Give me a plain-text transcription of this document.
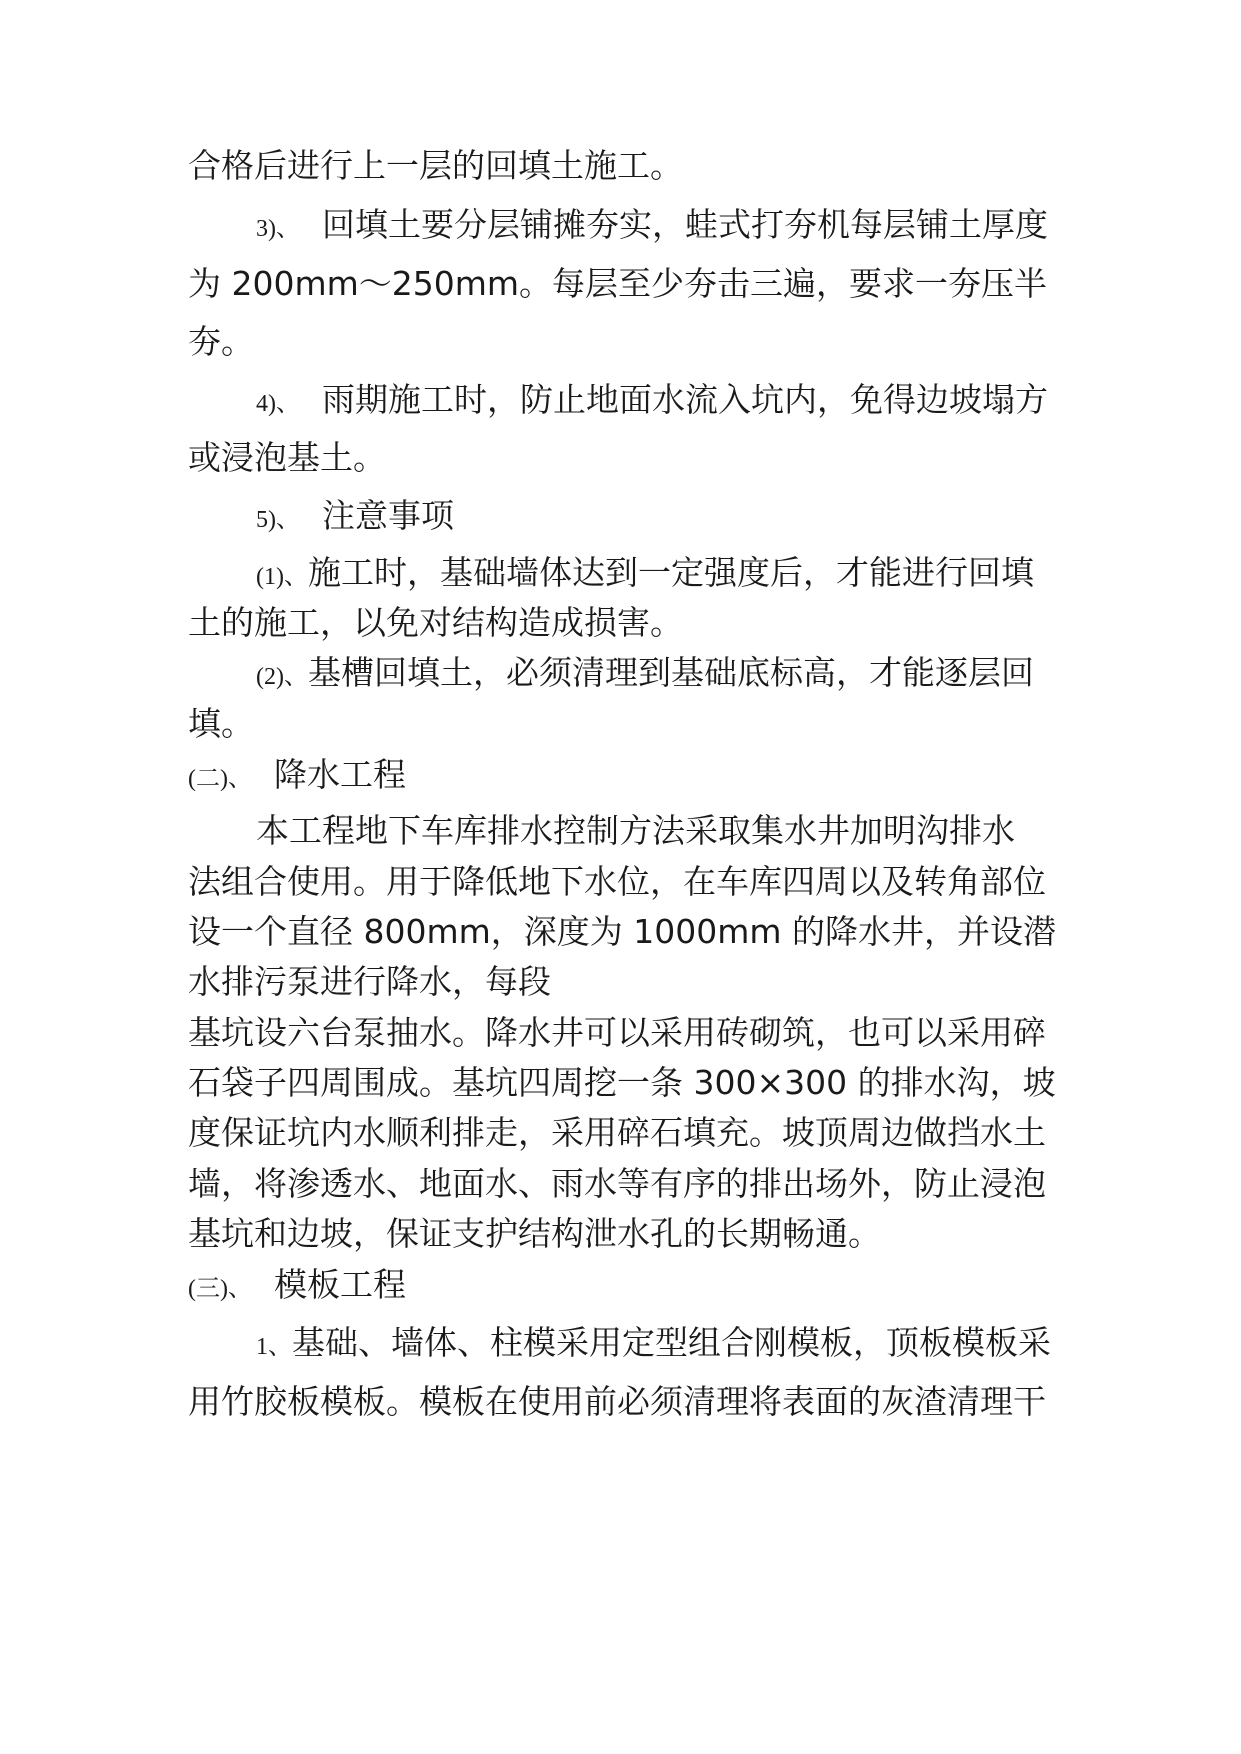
合格后进行上一层的回填土施工。
3)、 回填土要分层铺摊夯实，蛙式打夯机每层铺土厚度
为 200mm～250mm。每层至少夯击三遍，要求一夯压半
夯。
4)、 雨期施工时，防止地面水流入坑内，免得边坡塌方
或浸泡基土。
5)、 注意事项
(1)、施工时，基础墙体达到一定强度后，才能进行回填
土的施工，以免对结构造成损害。
(2)、基槽回填土，必须清理到基础底标高，才能逐层回
填。
(二)、 降水工程
本工程地下车库排水控制方法采取集水井加明沟排水
法组合使用。用于降低地下水位，在车库四周以及转角部位
设一个直径 800mm，深度为 1000mm 的降水井，并设潜
水排污泵进行降水，每段
基坑设六台泵抽水。降水井可以采用砖砌筑，也可以采用碎
石袋子四周围成。基坑四周挖一条 300×300 的排水沟，坡
度保证坑内水顺利排走，采用碎石填充。坡顶周边做挡水土
墙，将渗透水、地面水、雨水等有序的排出场外，防止浸泡
基坑和边坡，保证支护结构泄水孔的长期畅通。
(三)、 模板工程
1、基础、墙体、柱模采用定型组合刚模板，顶板模板采
用竹胶板模板。模板在使用前必须清理将表面的灰渣清理干
